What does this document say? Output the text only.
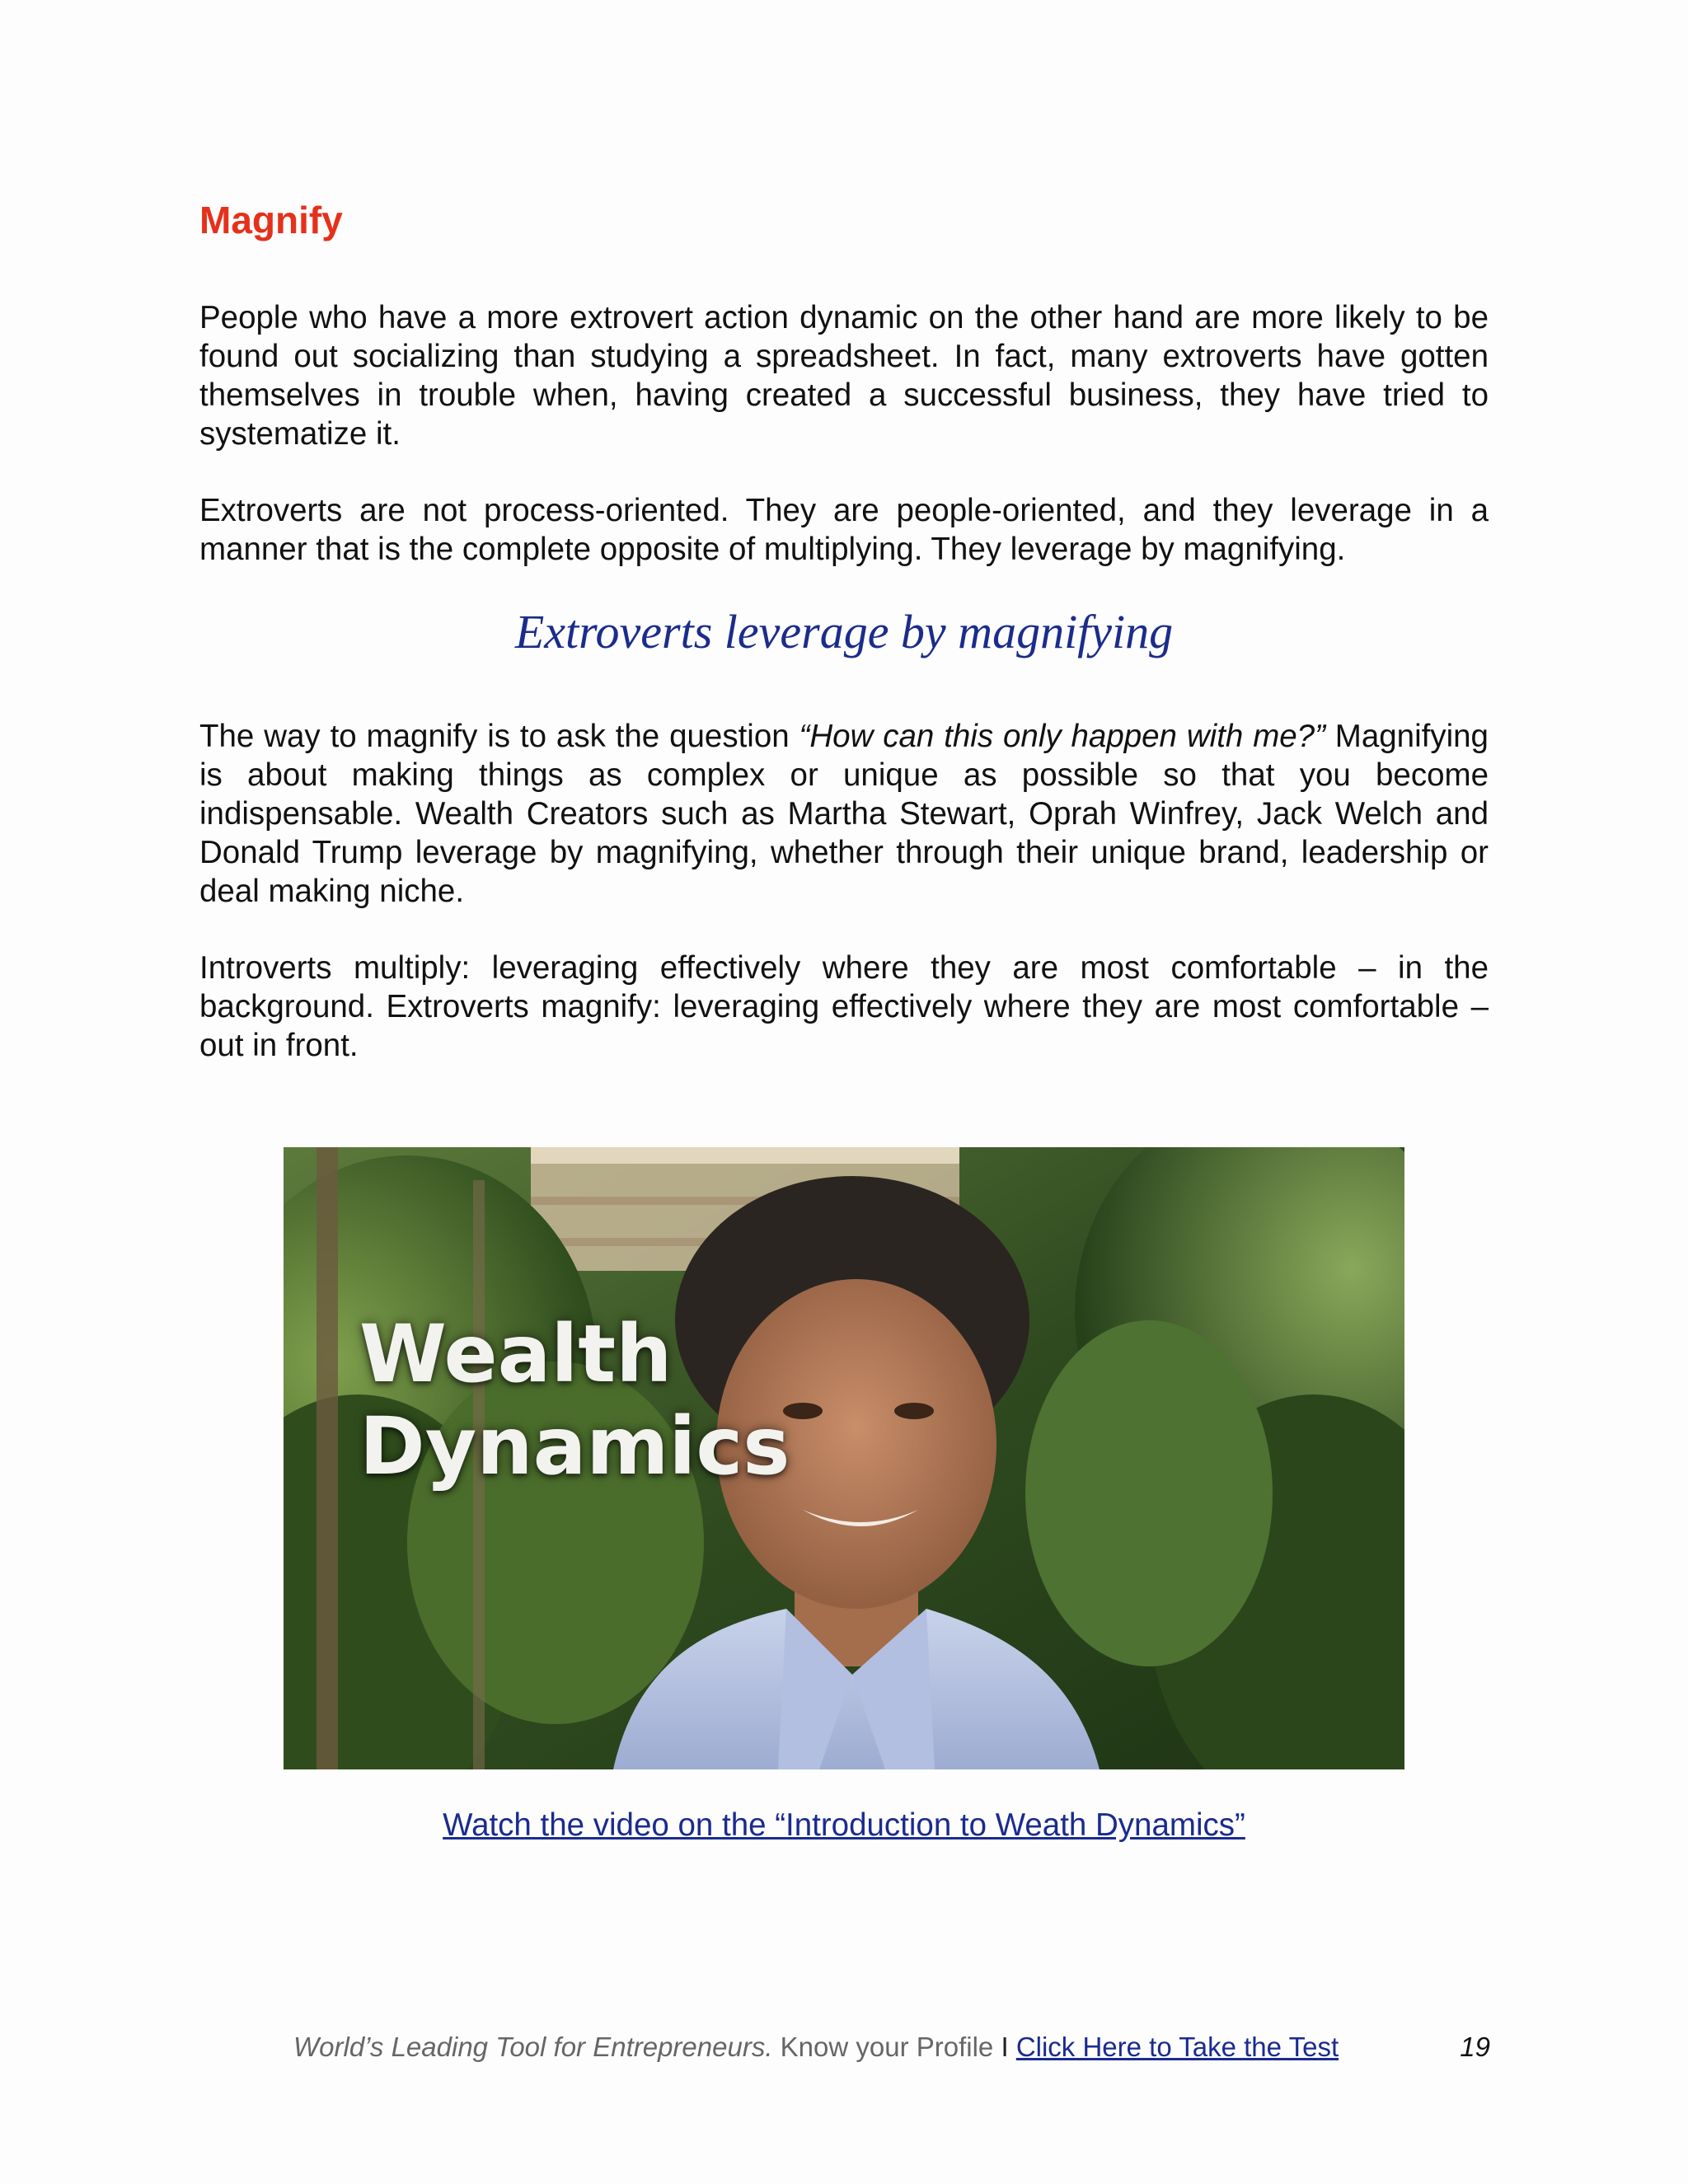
Magnify

People who have a more extrovert action dynamic on the other hand are more likely to be found out socializing than studying a spreadsheet. In fact, many extroverts have gotten themselves in trouble when, having created a successful business, they have tried to systematize it.

Extroverts are not process-oriented. They are people-oriented, and they leverage in a manner that is the complete opposite of multiplying. They leverage by magnifying.

Extroverts leverage by magnifying

The way to magnify is to ask the question “How can this only happen with me?” Magnifying is about making things as complex or unique as possible so that you become indispensable. Wealth Creators such as Martha Stewart, Oprah Winfrey, Jack Welch and Donald Trump leverage by magnifying, whether through their unique brand, leadership or deal making niche.

Introverts multiply: leveraging effectively where they are most comfortable – in the background. Extroverts magnify: leveraging effectively where they are most comfortable – out in front.

Wealth
Dynamics
Watch the video on the “Introduction to Weath Dynamics”
World’s Leading Tool for Entrepreneurs. Know your Profile I Click Here to Take the Test	19
